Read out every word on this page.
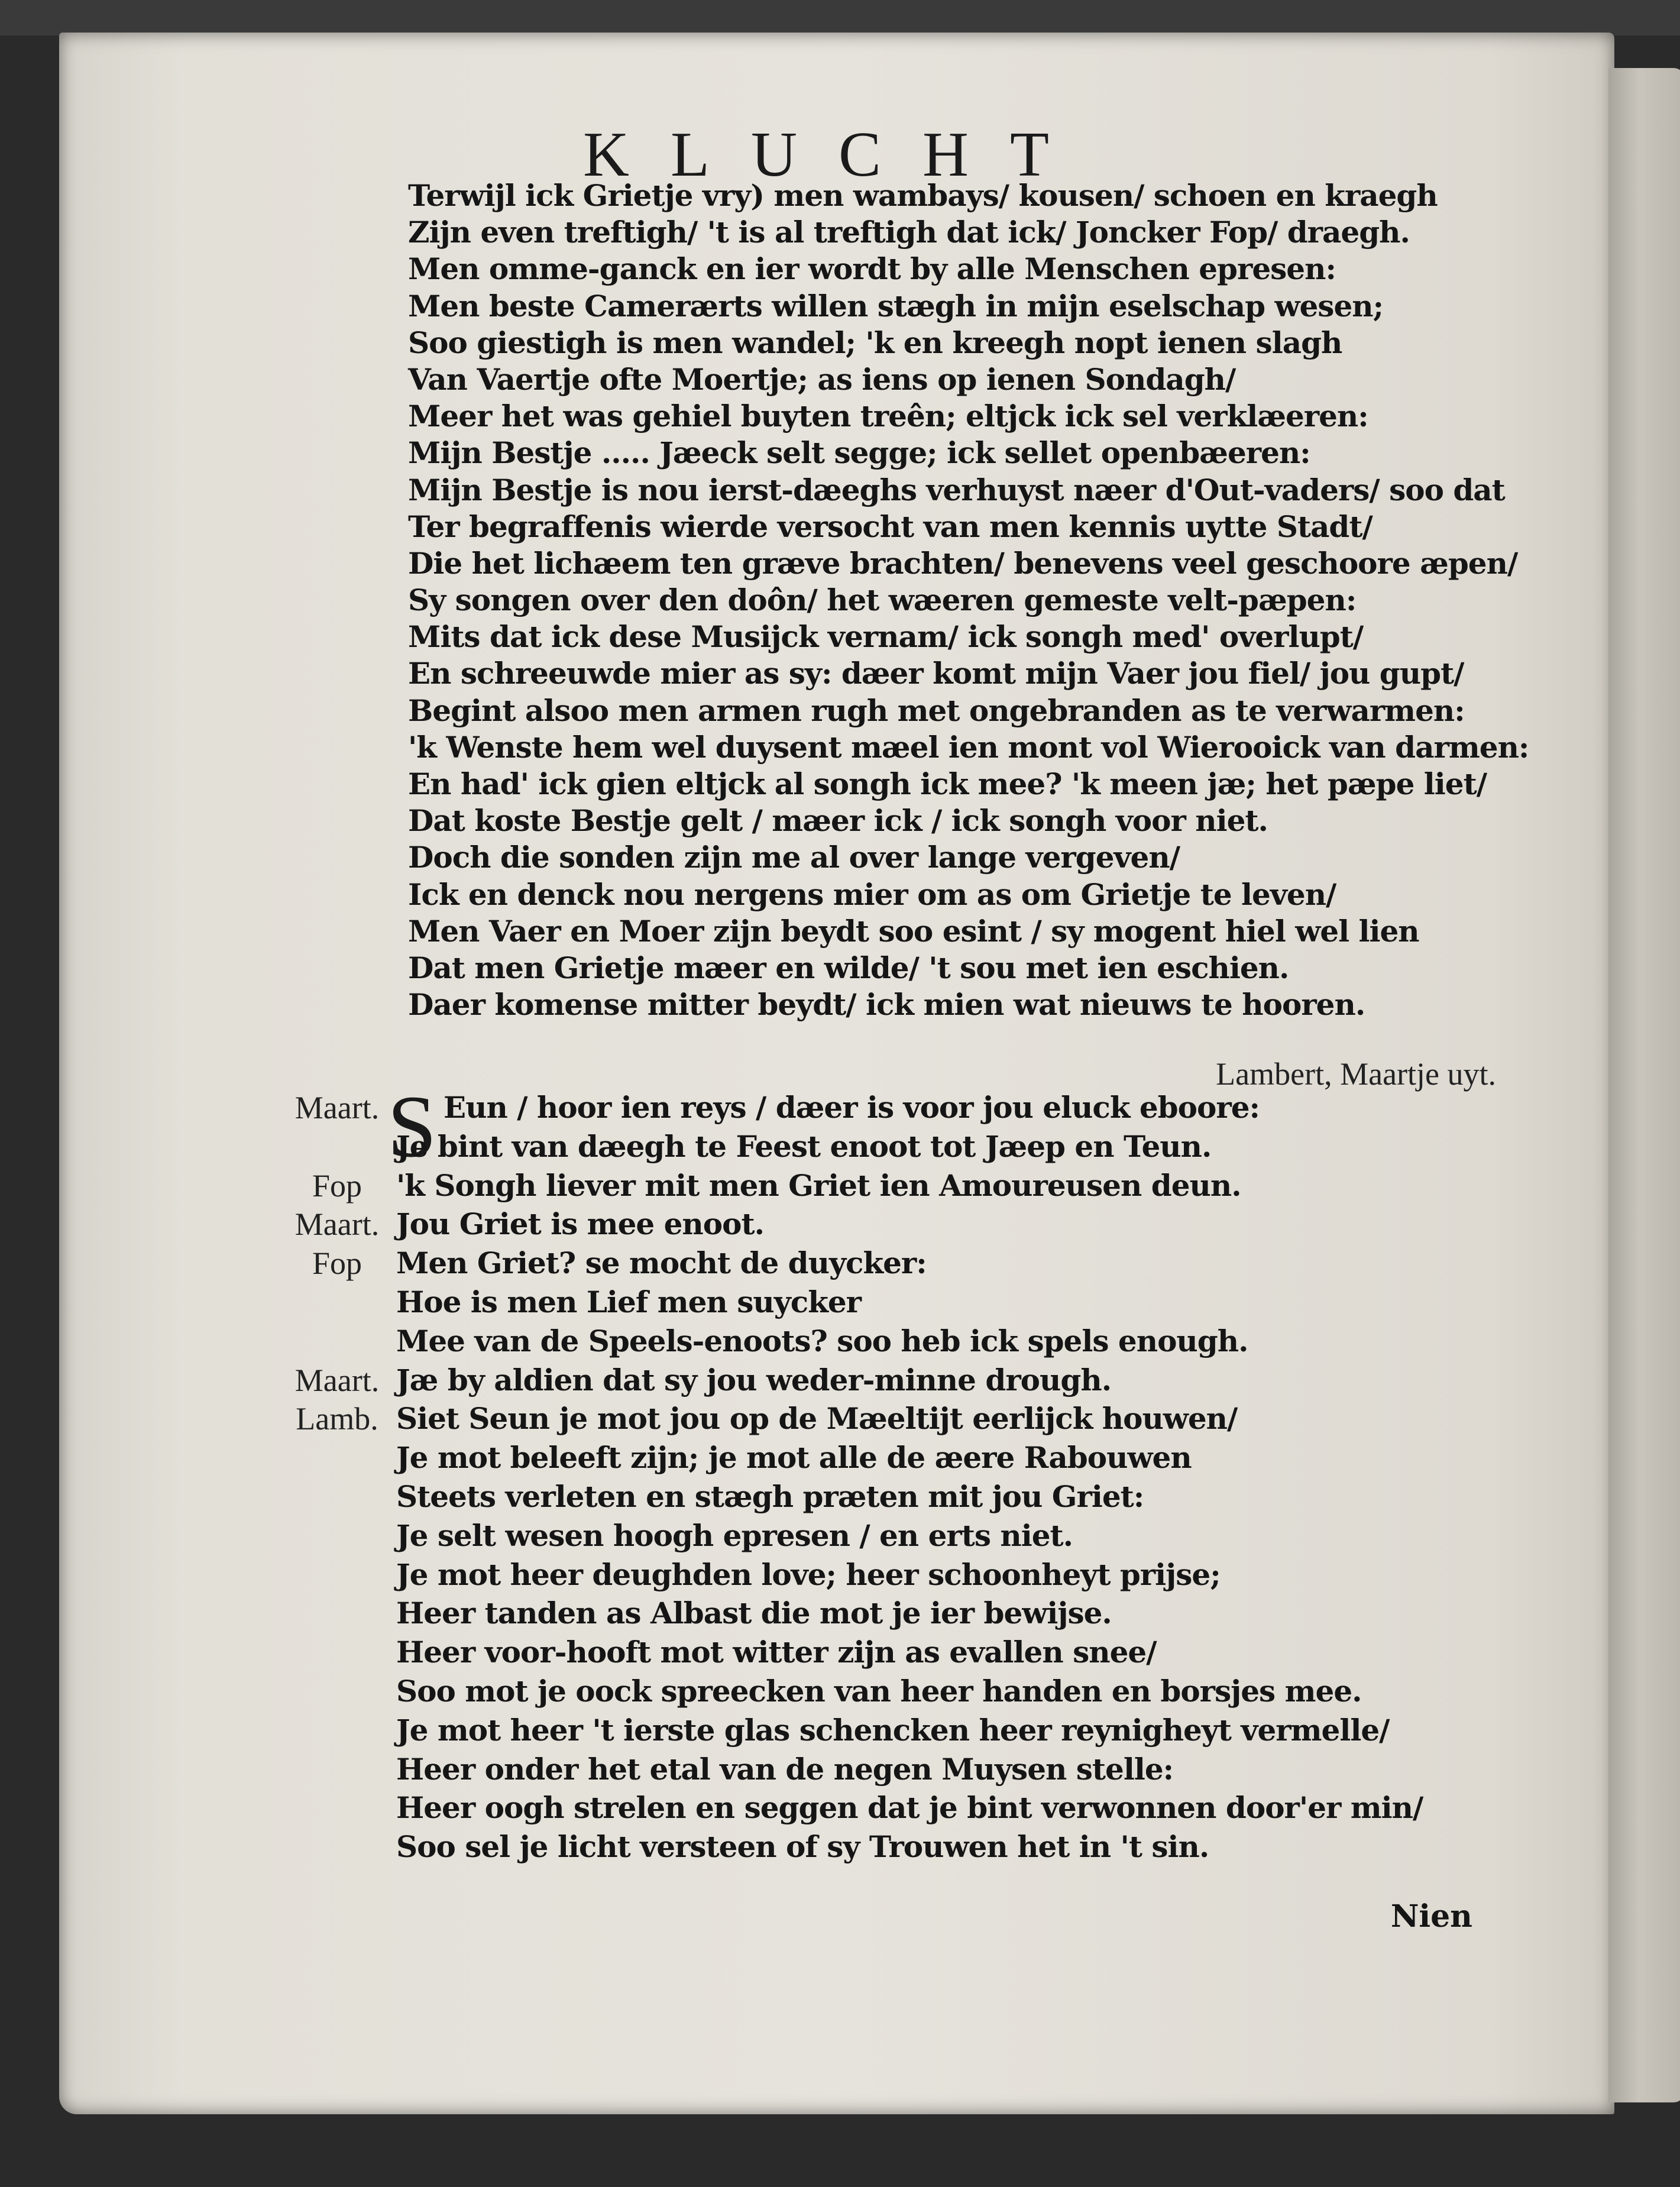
KLUCHT
Terwijl ick Grietje vry) men wambays/ kousen/ schoen en kraegh
Zijn even treftigh/ 't is al treftigh dat ick/ Joncker Fop/ draegh.
Men omme-ganck en ier wordt by alle Menschen epresen:
Men beste Camerærts willen stægh in mijn eselschap wesen;
Soo giestigh is men wandel; 'k en kreegh nopt ienen slagh
Van Vaertje ofte Moertje; as iens op ienen Sondagh/
Meer het was gehiel buyten treên; eltjck ick sel verklæeren:
Mijn Bestje ..... Jæeck selt segge; ick sellet openbæeren:
Mijn Bestje is nou ierst-dæeghs verhuyst næer d'Out-vaders/ soo dat
Ter begraffenis wierde versocht van men kennis uytte Stadt/
Die het lichæem ten græve brachten/ benevens veel geschoore æpen/
Sy songen over den doôn/ het wæeren gemeste velt-pæpen:
Mits dat ick dese Musijck vernam/ ick songh med' overlupt/
En schreeuwde mier as sy: dæer komt mijn Vaer jou fiel/ jou gupt/
Begint alsoo men armen rugh met ongebranden as te verwarmen:
'k Wenste hem wel duysent mæel ien mont vol Wierooick van darmen:
En had' ick gien eltjck al songh ick mee? 'k meen jæ; het pæpe liet/
Dat koste Bestje gelt / mæer ick / ick songh voor niet.
Doch die sonden zijn me al over lange vergeven/
Ick en denck nou nergens mier om as om Grietje te leven/
Men Vaer en Moer zijn beydt soo esint / sy mogent hiel wel lien
Dat men Grietje mæer en wilde/ 't sou met ien eschien.
Daer komense mitter beydt/ ick mien wat nieuws te hooren.
Lambert, Maartje uyt.
Maart. S Eun / hoor ien reys / dæer is voor jou eluck eboore:
Je bint van dæegh te Feest enoot tot Jæep en Teun.
Fop	'k Songh liever mit men Griet ien Amoureusen deun.
Maart. Jou Griet is mee enoot.
Fop	Men Griet? se mocht de duycker:
Hoe is men Lief men suycker
Mee van de Speels-enoots? soo heb ick spels enough.
Maart. Jæ by aldien dat sy jou weder-minne drough.
Lamb. Siet Seun je mot jou op de Mæeltijt eerlijck houwen/
Je mot beleeft zijn; je mot alle de æere Rabouwen
Steets verleten en stægh præten mit jou Griet:
Je selt wesen hoogh epresen / en erts niet.
Je mot heer deughden love; heer schoonheyt prijse;
Heer tanden as Albast die mot je ier bewijse.
Heer voor-hooft mot witter zijn as evallen snee/
Soo mot je oock spreecken van heer handen en borsjes mee.
Je mot heer 't ierste glas schencken heer reynigheyt vermelle/
Heer onder het etal van de negen Muysen stelle:
Heer oogh strelen en seggen dat je bint verwonnen door'er min/
Soo sel je licht versteen of sy Trouwen het in 't sin.
Nien
